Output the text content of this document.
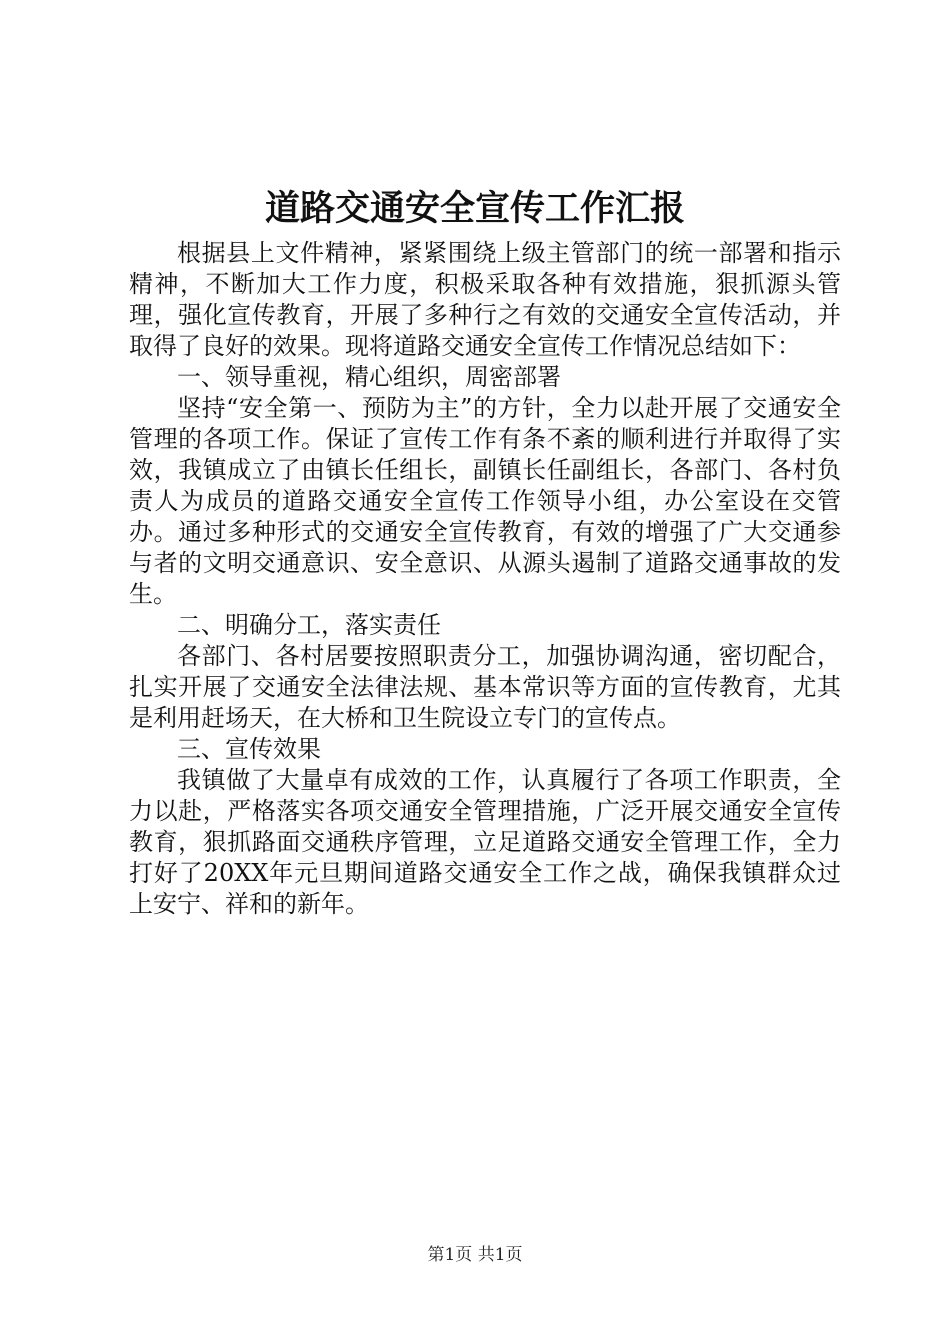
道路交通安全宣传工作汇报

根据县上文件精神，紧紧围绕上级主管部门的统一部署和指示精神，不断加大工作力度，积极采取各种有效措施，狠抓源头管理，强化宣传教育，开展了多种行之有效的交通安全宣传活动，并取得了良好的效果。现将道路交通安全宣传工作情况总结如下：

一、领导重视，精心组织，周密部署

坚持“安全第一、预防为主”的方针，全力以赴开展了交通安全管理的各项工作。保证了宣传工作有条不紊的顺利进行并取得了实效，我镇成立了由镇长任组长，副镇长任副组长，各部门、各村负责人为成员的道路交通安全宣传工作领导小组，办公室设在交管办。通过多种形式的交通安全宣传教育，有效的增强了广大交通参与者的文明交通意识、安全意识、从源头遏制了道路交通事故的发生。

二、明确分工，落实责任

各部门、各村居要按照职责分工，加强协调沟通，密切配合，扎实开展了交通安全法律法规、基本常识等方面的宣传教育，尤其是利用赶场天，在大桥和卫生院设立专门的宣传点。

三、宣传效果

我镇做了大量卓有成效的工作，认真履行了各项工作职责，全力以赴，严格落实各项交通安全管理措施，广泛开展交通安全宣传教育，狠抓路面交通秩序管理，立足道路交通安全管理工作，全力打好了20XX年元旦期间道路交通安全工作之战，确保我镇群众过上安宁、祥和的新年。

第1页 共1页
